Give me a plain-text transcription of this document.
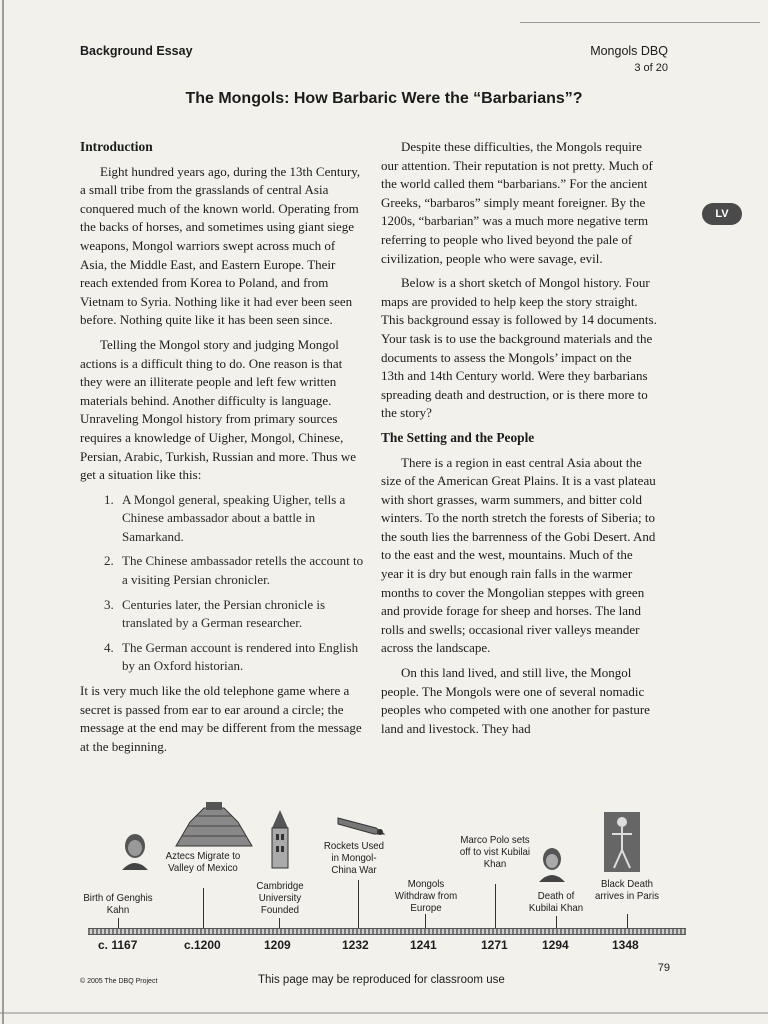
Background Essay	Mongols DBQ
3 of 20
The Mongols: How Barbaric Were the “Barbarians”?
LV
Introduction

Eight hundred years ago, during the 13th Century, a small tribe from the grasslands of central Asia conquered much of the known world. Operating from the backs of horses, and sometimes using giant siege weapons, Mongol warriors swept across much of Asia, the Middle East, and Eastern Europe. Their reach extended from Korea to Poland, and from Vietnam to Syria. Nothing like it had ever been seen before. Nothing quite like it has been seen since.

Telling the Mongol story and judging Mongol actions is a difficult thing to do. One reason is that they were an illiterate people and left few written materials behind. Another difficulty is language. Unraveling Mongol history from primary sources requires a knowledge of Uigher, Mongol, Chinese, Persian, Arabic, Turkish, Russian and more. Thus we get a situation like this:

1. A Mongol general, speaking Uigher, tells a Chinese ambassador about a battle in Samarkand.
2. The Chinese ambassador retells the account to a visiting Persian chronicler.
3. Centuries later, the Persian chronicle is translated by a German researcher.
4. The German account is rendered into English by an Oxford historian.

It is very much like the old telephone game where a secret is passed from ear to ear around a circle; the message at the end may be different from the message at the beginning.

Despite these difficulties, the Mongols require our attention. Their reputation is not pretty. Much of the world called them “barbarians.” For the ancient Greeks, “barbaros” simply meant foreigner. By the 1200s, “barbarian” was a much more negative term referring to people who lived beyond the pale of civilization, people who were savage, evil.

Below is a short sketch of Mongol history. Four maps are provided to help keep the story straight. This background essay is followed by 14 documents. Your task is to use the background materials and the documents to assess the Mongols’ impact on the 13th and 14th Century world. Were they barbarians spreading death and destruction, or is there more to the story?

The Setting and the People

There is a region in east central Asia about the size of the American Great Plains. It is a vast plateau with short grasses, warm summers, and bitter cold winters. To the north stretch the forests of Siberia; to the south lies the barrenness of the Gobi Desert. And to the east and the west, mountains. Much of the year it is dry but enough rain falls in the warmer months to cover the Mongolian steppes with green and provide forage for sheep and horses. The land rolls and swells; occasional river valleys meander across the landscape.

On this land lived, and still live, the Mongol people. The Mongols were one of several nomadic peoples who competed with one another for pasture land and livestock. They had

Birth of Genghis Kahn
Aztecs Migrate to Valley of Mexico
Cambridge University Founded
Rockets Used in Mongol-China War
Mongols Withdraw from Europe
Marco Polo sets off to vist Kubilai Khan
Death of Kubilai Khan
Black Death arrives in Paris
c. 1167	c.1200	1209	1232	1241	1271	1294	1348
79
© 2005 The DBQ Project	This page may be reproduced for classroom use
